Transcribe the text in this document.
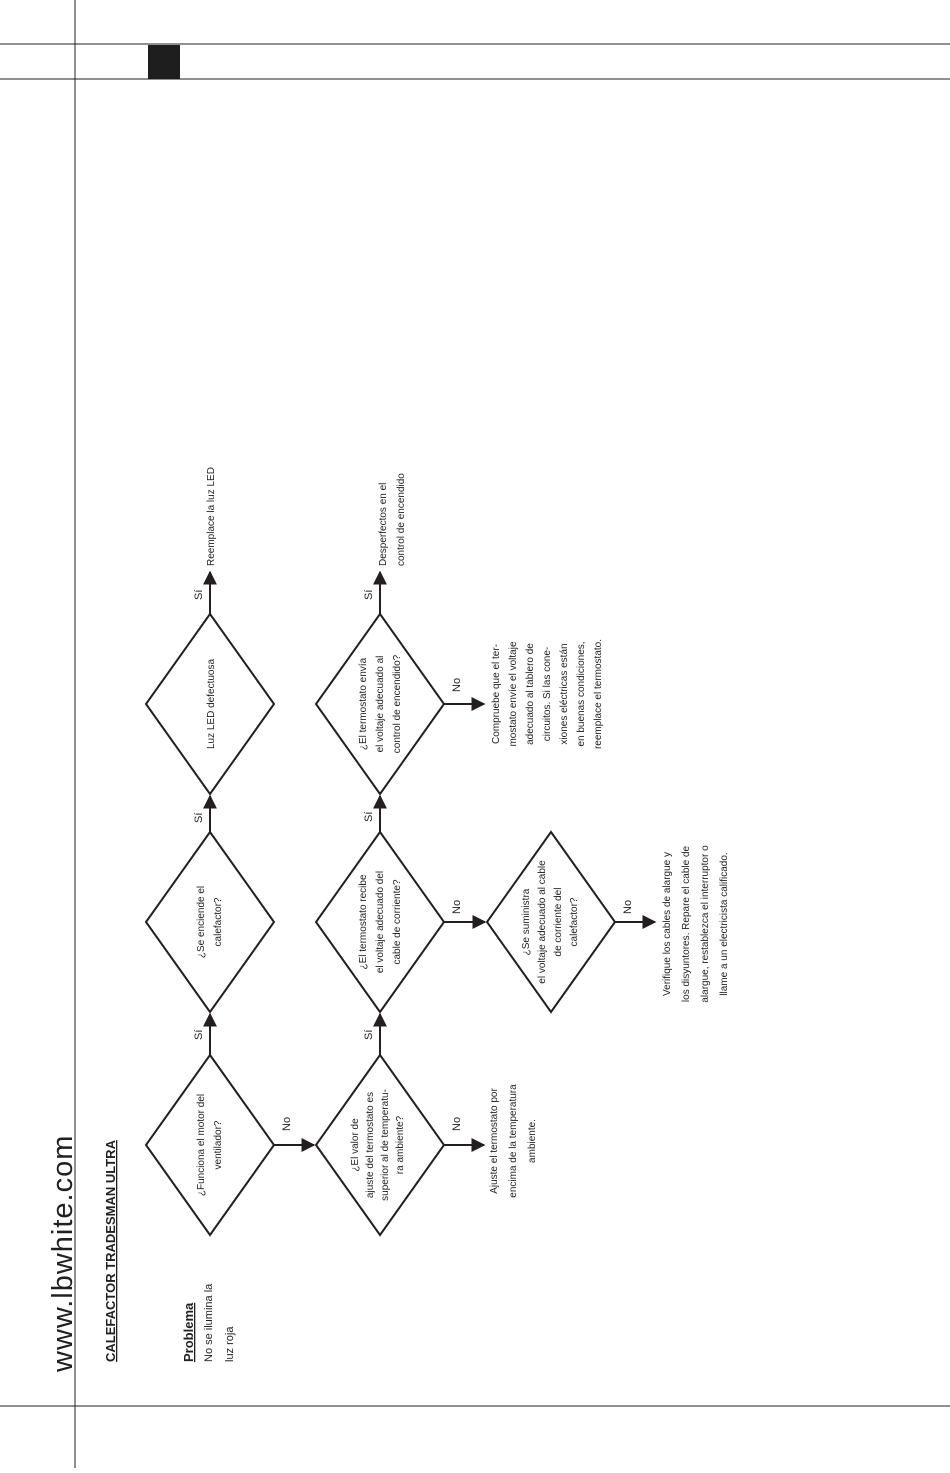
www.lbwhite.com CALEFACTOR TRADESMAN ULTRA	Problema No se ilumina la luz roja
Sí
Sí
Sí
Sí
Sí
Sí
No	No
No
No
No
¿Funciona el motor del ventilador?
¿Se enciende el calefactor?
Luz LED defectuosa
¿El valor de ajuste del termostato es superior al de temperatu- ra ambiente?
¿El termostato recibe el voltaje adecuado del cable de corriente?
¿El termostato envía el voltaje adecuado al control de encendido?
¿Se suministra el voltaje adecuado al cable de corriente del calefactor?
Reemplace la luz LED	Desperfectos en el control de encendido
Ajuste el termostato por encima de la temperatura ambiente.
Compruebe que el ter- mostato envíe el voltaje adecuado al tablero de circuitos. Si las cone- xiones eléctricas están en buenas condiciones, reemplace el termostato.
Verifique los cables de alargue y los disyuntores. Repare el cable de alargue, restablezca el interruptor o llame a un electricista calificado.
